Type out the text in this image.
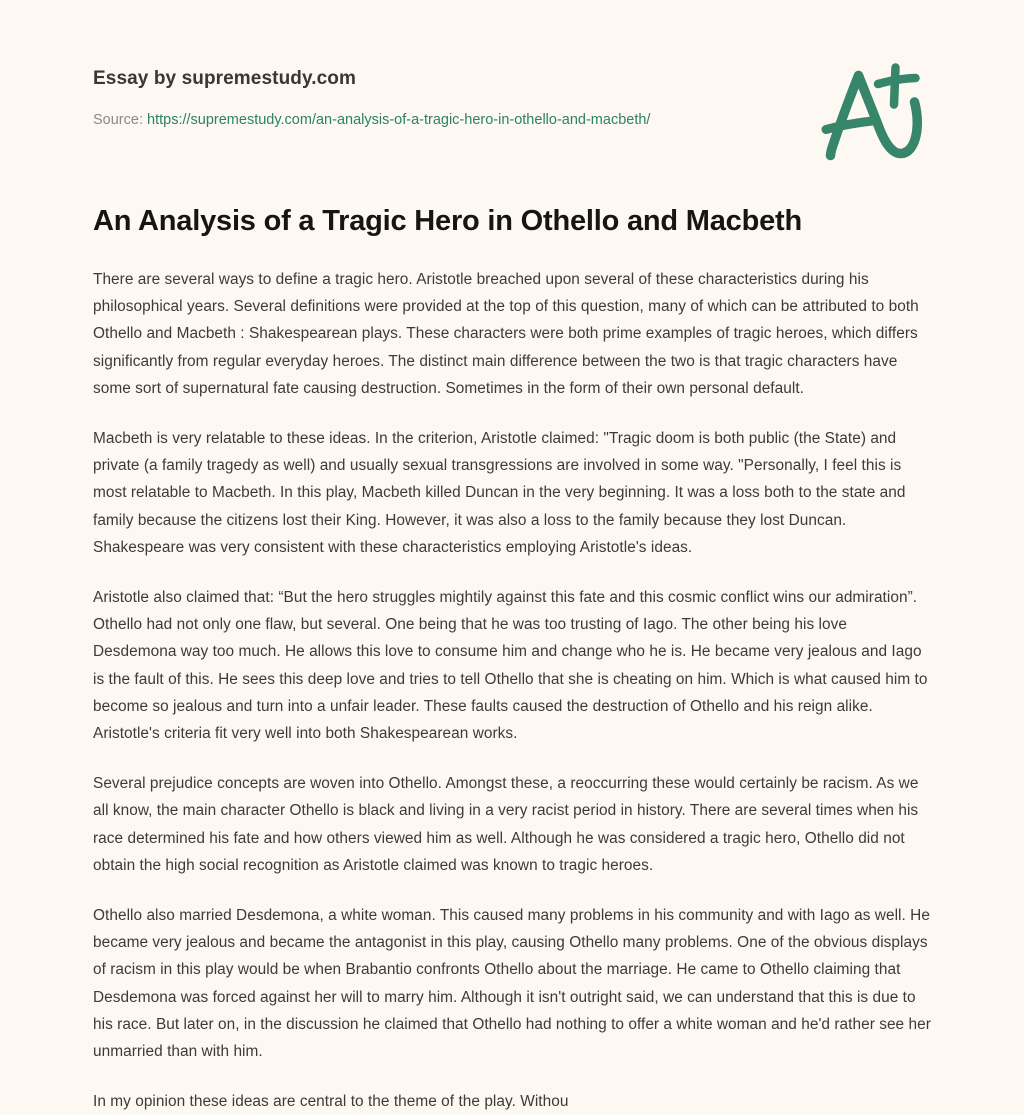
Essay by supremestudy.com
Source: https://supremestudy.com/an-analysis-of-a-tragic-hero-in-othello-and-macbeth/
An Analysis of a Tragic Hero in Othello and Macbeth

There are several ways to define a tragic hero. Aristotle breached upon several of these characteristics during his philosophical years. Several definitions were provided at the top of this question, many of which can be attributed to both Othello and Macbeth : Shakespearean plays. These characters were both prime examples of tragic heroes, which differs significantly from regular everyday heroes. The distinct main difference between the two is that tragic characters have some sort of supernatural fate causing destruction. Sometimes in the form of their own personal default.

Macbeth is very relatable to these ideas. In the criterion, Aristotle claimed: "Tragic doom is both public (the State) and private (a family tragedy as well) and usually sexual transgressions are involved in some way. "Personally, I feel this is most relatable to Macbeth. In this play, Macbeth killed Duncan in the very beginning. It was a loss both to the state and family because the citizens lost their King. However, it was also a loss to the family because they lost Duncan. Shakespeare was very consistent with these characteristics employing Aristotle's ideas.

Aristotle also claimed that: “But the hero struggles mightily against this fate and this cosmic conflict wins our admiration”. Othello had not only one flaw, but several. One being that he was too trusting of Iago. The other being his love Desdemona way too much. He allows this love to consume him and change who he is. He became very jealous and Iago is the fault of this. He sees this deep love and tries to tell Othello that she is cheating on him. Which is what caused him to become so jealous and turn into a unfair leader. These faults caused the destruction of Othello and his reign alike. Aristotle's criteria fit very well into both Shakespearean works.

Several prejudice concepts are woven into Othello. Amongst these, a reoccurring these would certainly be racism. As we all know, the main character Othello is black and living in a very racist period in history. There are several times when his race determined his fate and how others viewed him as well. Although he was considered a tragic hero, Othello did not obtain the high social recognition as Aristotle claimed was known to tragic heroes.

Othello also married Desdemona, a white woman. This caused many problems in his community and with Iago as well. He became very jealous and became the antagonist in this play, causing Othello many problems. One of the obvious displays of racism in this play would be when Brabantio confronts Othello about the marriage. He came to Othello claiming that Desdemona was forced against her will to marry him. Although it isn't outright said, we can understand that this is due to his race. But later on, in the discussion he claimed that Othello had nothing to offer a white woman and he'd rather see her unmarried than with him.

In my opinion these ideas are central to the theme of the play. Withou
